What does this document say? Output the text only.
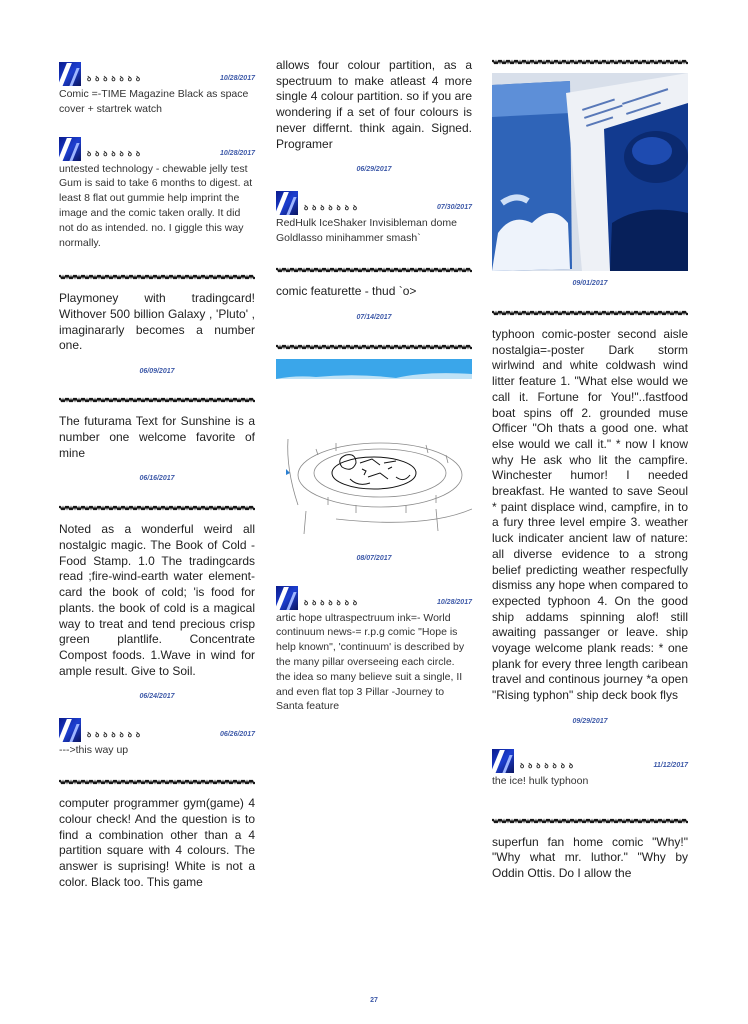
ꝺ ꝺ ꝺ ꝺ ꝺ ꝺ ꝺ	10/28/2017

Comic =-TIME Magazine Black as space cover + startrek watch

ꝺ ꝺ ꝺ ꝺ ꝺ ꝺ ꝺ	10/28/2017

untested technology - chewable jelly test Gum is said to take 6 months to digest. at least 8 flat out gummie help imprint the image and the comic taken orally. It did not do as intended. no. I giggle this way normally.

Playmoney with tradingcard! Withover 500 billion Galaxy , 'Pluto' , imaginararly becomes a number one.

06/09/2017

The futurama Text for Sunshine is a number one welcome favorite of mine

06/16/2017

Noted as a wonderful weird all nostalgic magic. The Book of Cold - Food Stamp. 1.0 The tradingcards read ;fire-wind-earth water element-card the book of cold; 'is food for plants. the book of cold is a magical way to treat and tend precious crisp green plantlife. Concentrate Compost foods. 1.Wave in wind for ample result. Give to Soil.

06/24/2017
ꝺ ꝺ ꝺ ꝺ ꝺ ꝺ ꝺ	06/26/2017

--->this way up

computer programmer gym(game) 4 colour check! And the question is to find a combination other than a 4 partition square with 4 colours. The answer is suprising! White is not a color. Black too. This game

allows four colour partition, as a spectruum to make atleast 4 more single 4 colour partition. so if you are wondering if a set of four colours is never differnt. think again. Signed. Programer

06/29/2017
ꝺ ꝺ ꝺ ꝺ ꝺ ꝺ ꝺ	07/30/2017

RedHulk IceShaker Invisibleman dome Goldlasso minihammer smash`

comic featurette - thud `o>

07/14/2017
08/07/2017
ꝺ ꝺ ꝺ ꝺ ꝺ ꝺ ꝺ	10/28/2017

artic hope ultraspectruum ink=- World continuum news-= r.p.g comic "Hope is help known", 'continuum' is described by the many pillar overseeing each circle. the idea so many believe suit a single, II and even flat top 3 Pillar -Journey to Santa feature

09/01/2017

typhoon comic-poster second aisle nostalgia=-poster Dark storm wirlwind and white coldwash wind litter feature 1. "What else would we call it. Fortune for You!"..fastfood boat spins off 2. grounded muse Officer "Oh thats a good one. what else would we call it." * now I know why He ask who lit the campfire. Winchester humor! I needed breakfast. He wanted to save Seoul * paint displace wind, campfire, in to a fury three level empire 3. weather luck indicater ancient law of nature: all diverse evidence to a strong belief predicting weather respecfully dismiss any hope when compared to expected typhoon 4. On the good ship addams spinning alof! still awaiting passanger or leave. ship voyage welcome plank reads: * one plank for every three length caribean travel and continous journey *a open "Rising typhon" ship deck book flys

09/29/2017
ꝺ ꝺ ꝺ ꝺ ꝺ ꝺ ꝺ	11/12/2017

the ice! hulk typhoon

superfun fan home comic "Why!" "Why what mr. luthor." "Why by Oddin Ottis. Do I allow the

27
